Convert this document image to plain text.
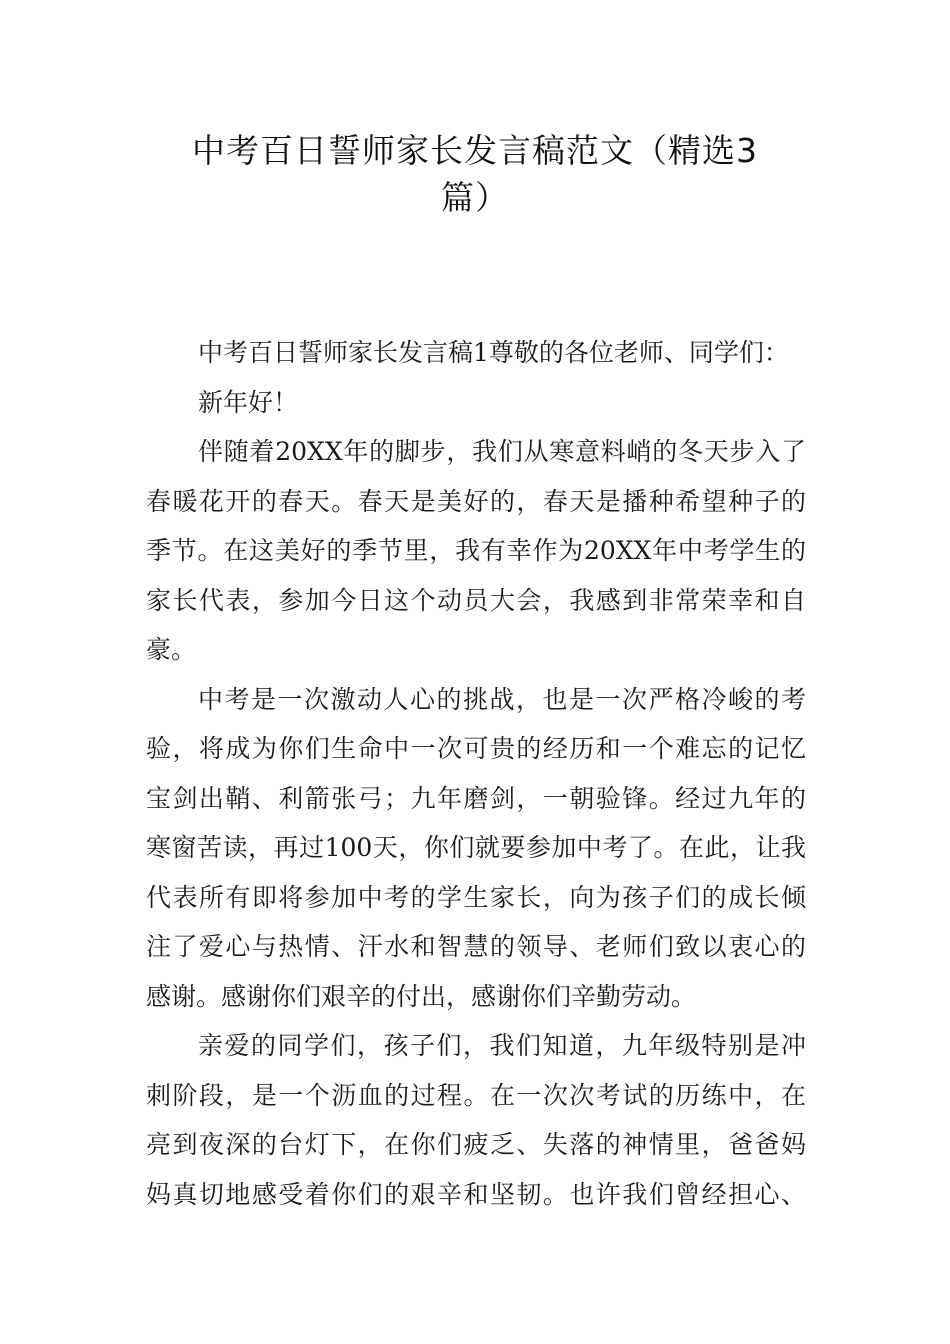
中考百日誓师家长发言稿范文（精选3
篇）
中考百日誓师家长发言稿1尊敬的各位老师、同学们：
新年好！
伴随着20XX年的脚步，我们从寒意料峭的冬天步入了
春暖花开的春天。春天是美好的，春天是播种希望种子的
季节。在这美好的季节里，我有幸作为20XX年中考学生的
家长代表，参加今日这个动员大会，我感到非常荣幸和自
豪。
中考是一次激动人心的挑战，也是一次严格冷峻的考
验，将成为你们生命中一次可贵的经历和一个难忘的记忆
宝剑出鞘、利箭张弓；九年磨剑，一朝验锋。经过九年的
寒窗苦读，再过100天，你们就要参加中考了。在此，让我
代表所有即将参加中考的学生家长，向为孩子们的成长倾
注了爱心与热情、汗水和智慧的领导、老师们致以衷心的
感谢。感谢你们艰辛的付出，感谢你们辛勤劳动。
亲爱的同学们，孩子们，我们知道，九年级特别是冲
刺阶段，是一个沥血的过程。在一次次考试的历练中，在
亮到夜深的台灯下，在你们疲乏、失落的神情里，爸爸妈
妈真切地感受着你们的艰辛和坚韧。也许我们曾经担心、
